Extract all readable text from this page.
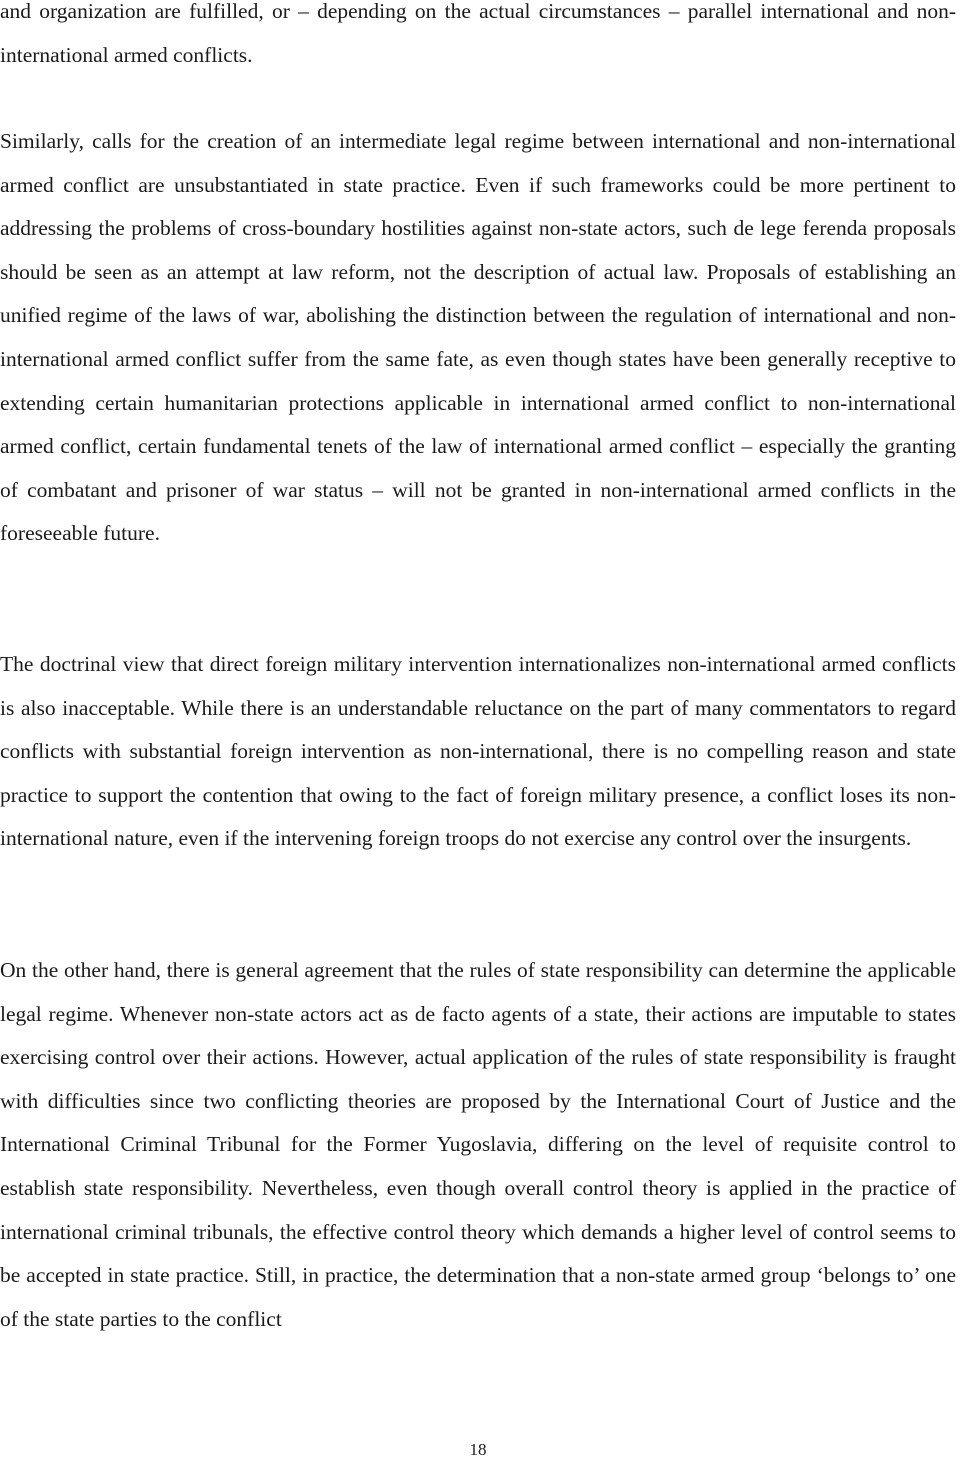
and organization are fulfilled, or – depending on the actual circumstances – parallel international and non-international armed conflicts.

Similarly, calls for the creation of an intermediate legal regime between international and non-international armed conflict are unsubstantiated in state practice. Even if such frameworks could be more pertinent to addressing the problems of cross-boundary hostilities against non-state actors, such de lege ferenda proposals should be seen as an attempt at law reform, not the description of actual law. Proposals of establishing an unified regime of the laws of war, abolishing the distinction between the regulation of international and non-international armed conflict suffer from the same fate, as even though states have been generally receptive to extending certain humanitarian protections applicable in international armed conflict to non-international armed conflict, certain fundamental tenets of the law of international armed conflict – especially the granting of combatant and prisoner of war status – will not be granted in non-international armed conflicts in the foreseeable future.

The doctrinal view that direct foreign military intervention internationalizes non-international armed conflicts is also inacceptable. While there is an understandable reluctance on the part of many commentators to regard conflicts with substantial foreign intervention as non-international, there is no compelling reason and state practice to support the contention that owing to the fact of foreign military presence, a conflict loses its non-international nature, even if the intervening foreign troops do not exercise any control over the insurgents.

On the other hand, there is general agreement that the rules of state responsibility can determine the applicable legal regime. Whenever non-state actors act as de facto agents of a state, their actions are imputable to states exercising control over their actions. However, actual application of the rules of state responsibility is fraught with difficulties since two conflicting theories are proposed by the International Court of Justice and the International Criminal Tribunal for the Former Yugoslavia, differing on the level of requisite control to establish state responsibility. Nevertheless, even though overall control theory is applied in the practice of international criminal tribunals, the effective control theory which demands a higher level of control seems to be accepted in state practice. Still, in practice, the determination that a non-state armed group ‘belongs to’ one of the state parties to the conflict

18
